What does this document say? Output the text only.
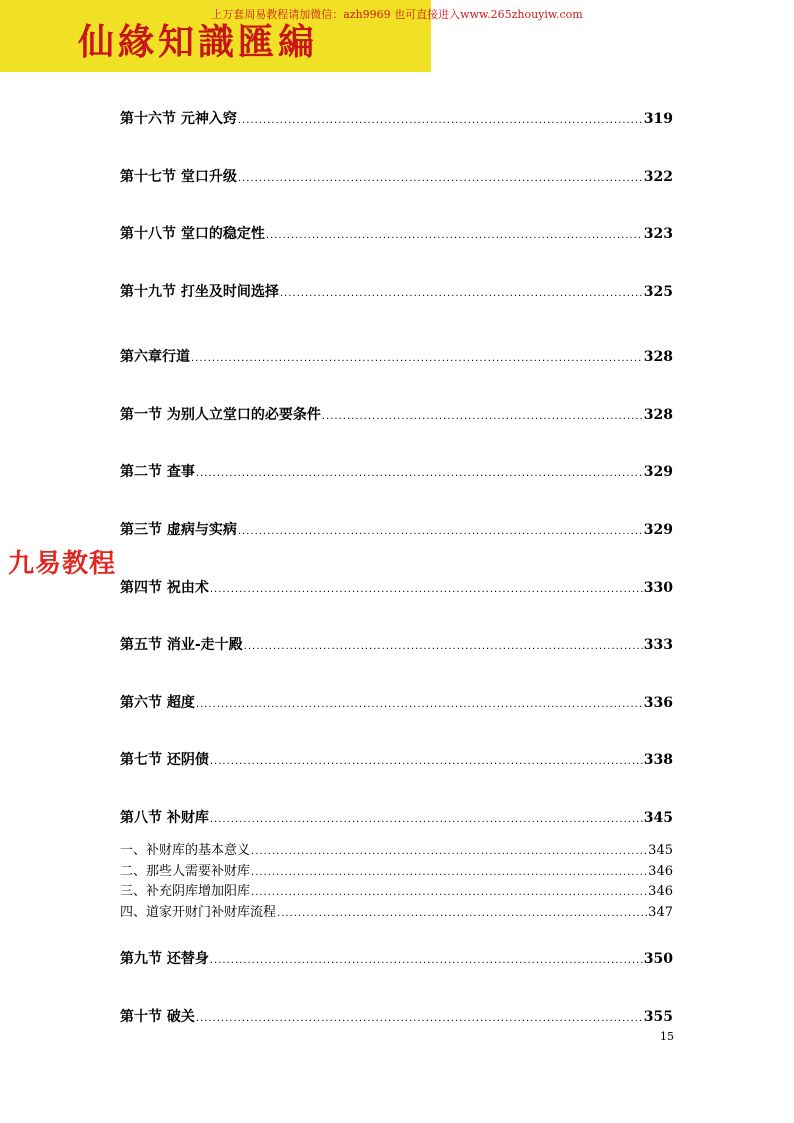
仙緣知識匯編
上万套周易教程请加微信：azh9969 也可直接进入www.265zhouyiw.com
九易教程
第十六节 元神入窍 .....	319
第十七节 堂口升级 .....	322
第十八节 堂口的稳定性 .....	323
第十九节 打坐及时间选择 .....	325
第六章行道 .....	328
第一节 为别人立堂口的必要条件 .....	328
第二节 查事 .....	329
第三节 虚病与实病 .....	329
第四节 祝由术 .....	330
第五节 消业-走十殿 .....	333
第六节 超度 .....	336
第七节 还阴债 .....	338
第八节 补财库 .....	345
一、补财库的基本意义 .....	345
二、那些人需要补财库 .....	346
三、补充阴库增加阳库 .....	346
四、道家开财门补财库流程 .....	347
第九节 还替身 .....	350
第十节 破关 .....	355
15
